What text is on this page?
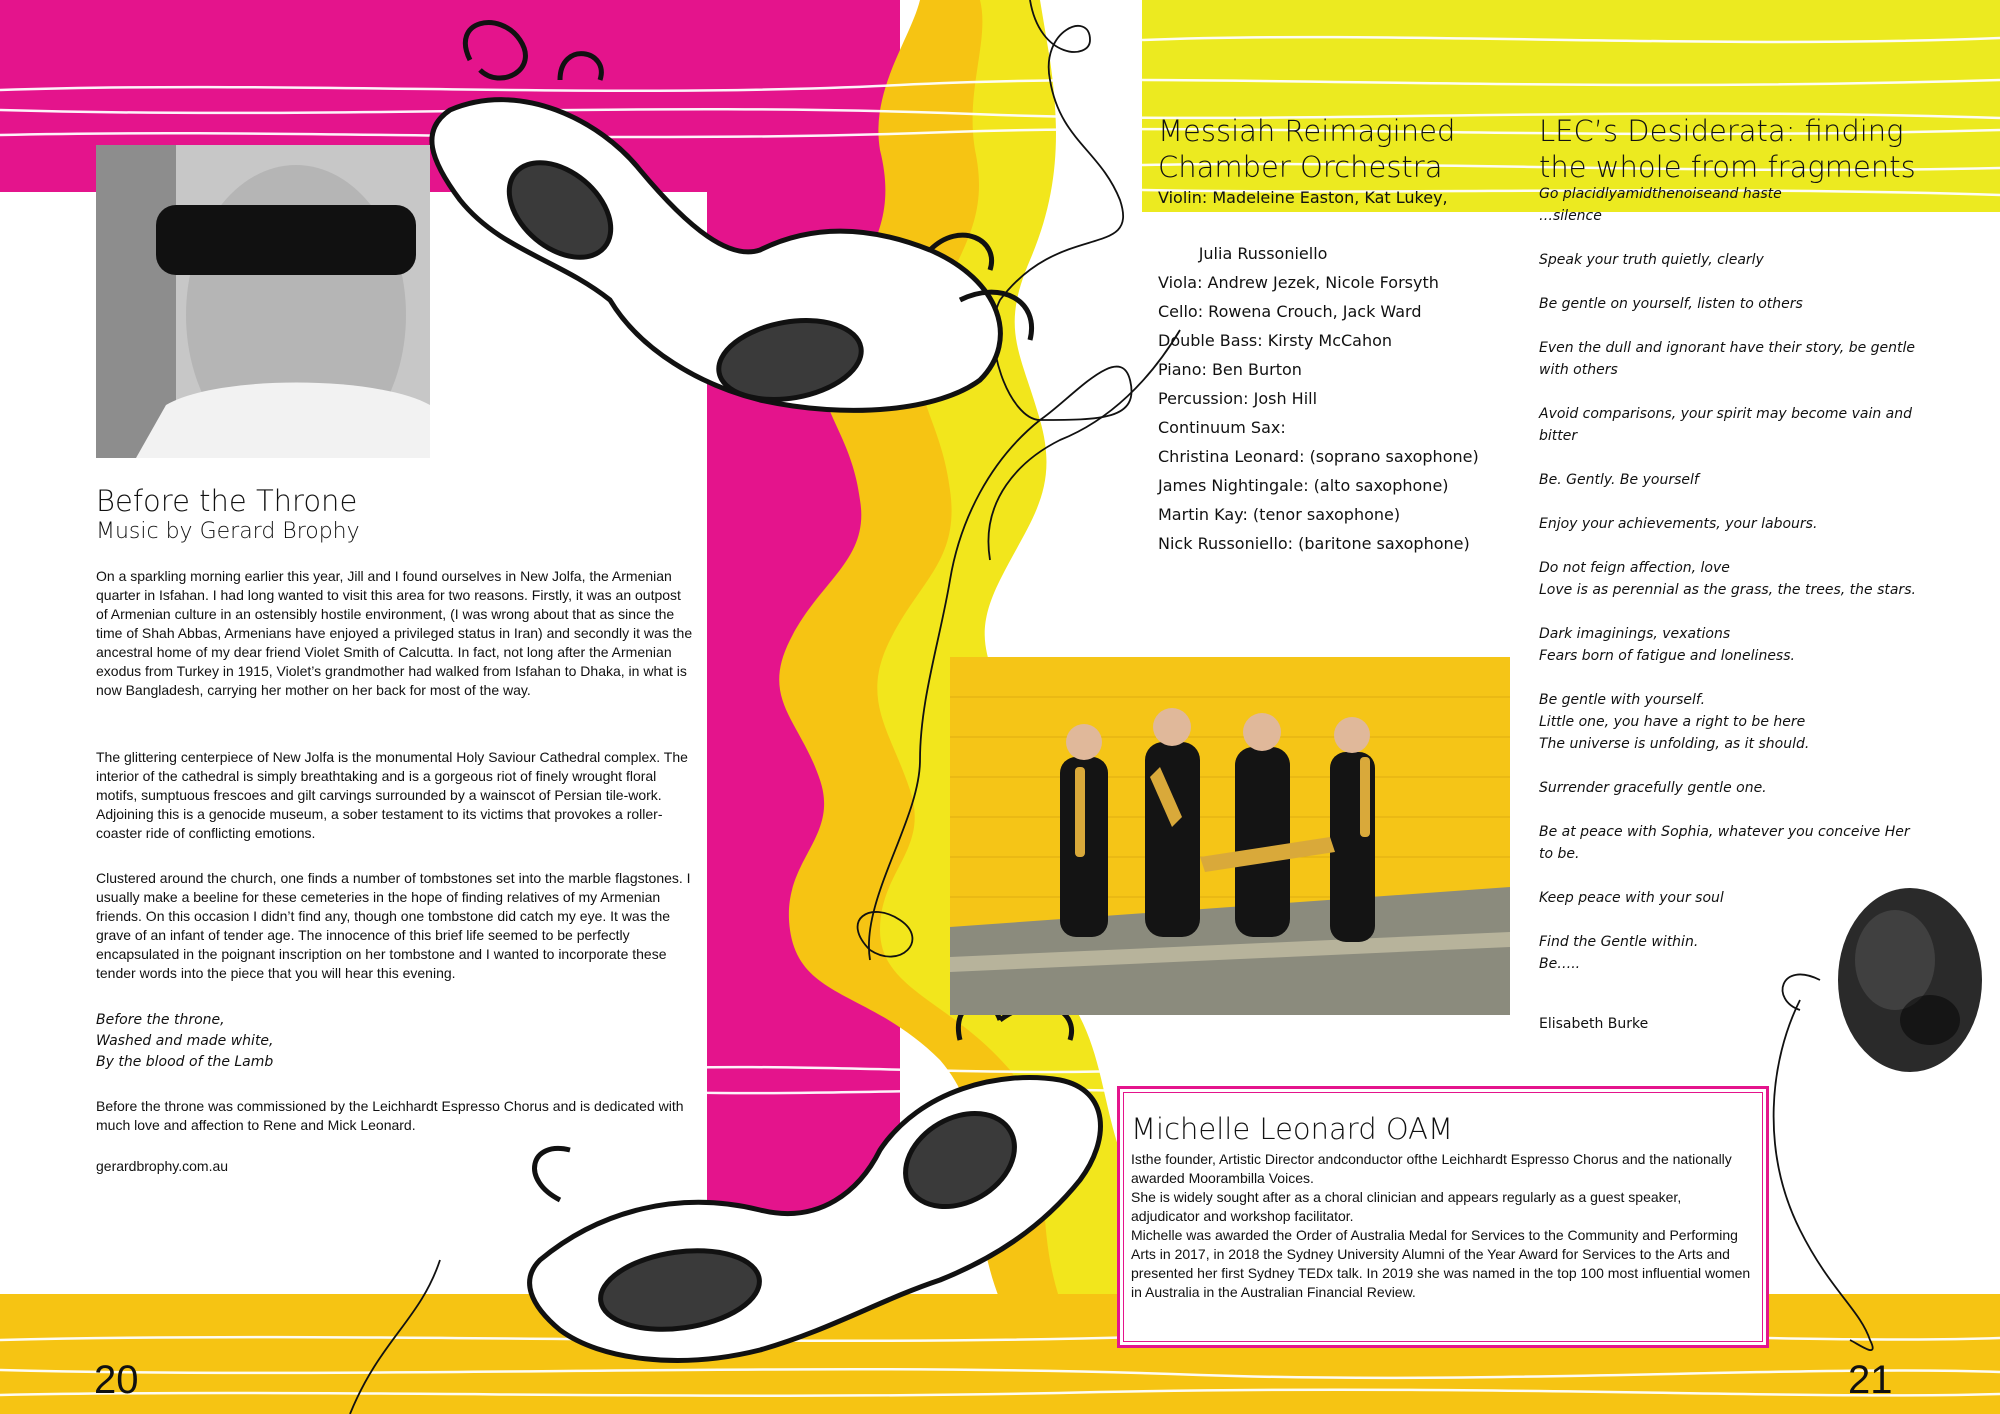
Before the Throne
Music by Gerard Brophy
On a sparkling morning earlier this year, Jill and I found ourselves in New Jolfa, the Armenian quarter in Isfahan. I had long wanted to visit this area for two reasons. Firstly, it was an outpost of Armenian culture in an ostensibly hostile environment, (I was wrong about that as since the time of Shah Abbas, Armenians have enjoyed a privileged status in Iran) and secondly it was the ancestral home of my dear friend Violet Smith of Calcutta. In fact, not long after the Armenian exodus from Turkey in 1915, Violet’s grandmother had walked from Isfahan to Dhaka, in what is now Bangladesh, carrying her mother on her back for most of the way.
The glittering centerpiece of New Jolfa is the monumental Holy Saviour Cathedral complex. The interior of the cathedral is simply breathtaking and is a gorgeous riot of finely wrought floral motifs, sumptuous frescoes and gilt carvings surrounded by a wainscot of Persian tile-work. Adjoining this is a genocide museum, a sober testament to its victims that provokes a roller-coaster ride of conflicting emotions.
Clustered around the church, one finds a number of tombstones set into the marble flagstones. I usually make a beeline for these cemeteries in the hope of finding relatives of my Armenian friends. On this occasion I didn’t find any, though one tombstone did catch my eye. It was the grave of an infant of tender age. The innocence of this brief life seemed to be perfectly encapsulated in the poignant inscription on her tombstone and I wanted to incorporate these tender words into the piece that you will hear this evening.
Before the throne,
Washed and made white,
By the blood of the Lamb
Before the throne was commissioned by the Leichhardt Espresso Chorus and is dedicated with much love and affection to Rene and Mick Leonard.
gerardbrophy.com.au
20
Messiah Reimagined Chamber Orchestra
Violin: Madeleine Easton, Kat Lukey,
Julia Russoniello
Viola: Andrew Jezek, Nicole Forsyth
Cello: Rowena Crouch, Jack Ward
Double Bass: Kirsty McCahon
Piano: Ben Burton
Percussion: Josh Hill
Continuum Sax:
Christina Leonard: (soprano saxophone)
James Nightingale: (alto saxophone)
Martin Kay: (tenor saxophone)
Nick Russoniello: (baritone saxophone)
LEC’s Desiderata: finding the whole from fragments
Go placidlyamidthenoiseand haste
…silence
Speak your truth quietly, clearly
Be gentle on yourself, listen to others
Even the dull and ignorant have their story, be gentle with others
Avoid comparisons, your spirit may become vain and bitter
Be. Gently. Be yourself
Enjoy your achievements, your labours.
Do not feign affection, love
Love is as perennial as the grass, the trees, the stars.
Dark imaginings, vexations
Fears born of fatigue and loneliness.
Be gentle with yourself.
Little one, you have a right to be here
The universe is unfolding, as it should.
Surrender gracefully gentle one.
Be at peace with Sophia, whatever you conceive Her to be.
Keep peace with your soul
Find the Gentle within.
Be…..
Elisabeth Burke
21
Michelle Leonard OAM
Isthe founder, Artistic Director andconductor ofthe Leichhardt Espresso Chorus and the nationally awarded Moorambilla Voices.
She is widely sought after as a choral clinician and appears regularly as a guest speaker, adjudicator and workshop facilitator.
Michelle was awarded the Order of Australia Medal for Services to the Community and Performing Arts in 2017, in 2018 the Sydney University Alumni of the Year Award for Services to the Arts and presented her first Sydney TEDx talk. In 2019 she was named in the top 100 most influential women in Australia in the Australian Financial Review.
